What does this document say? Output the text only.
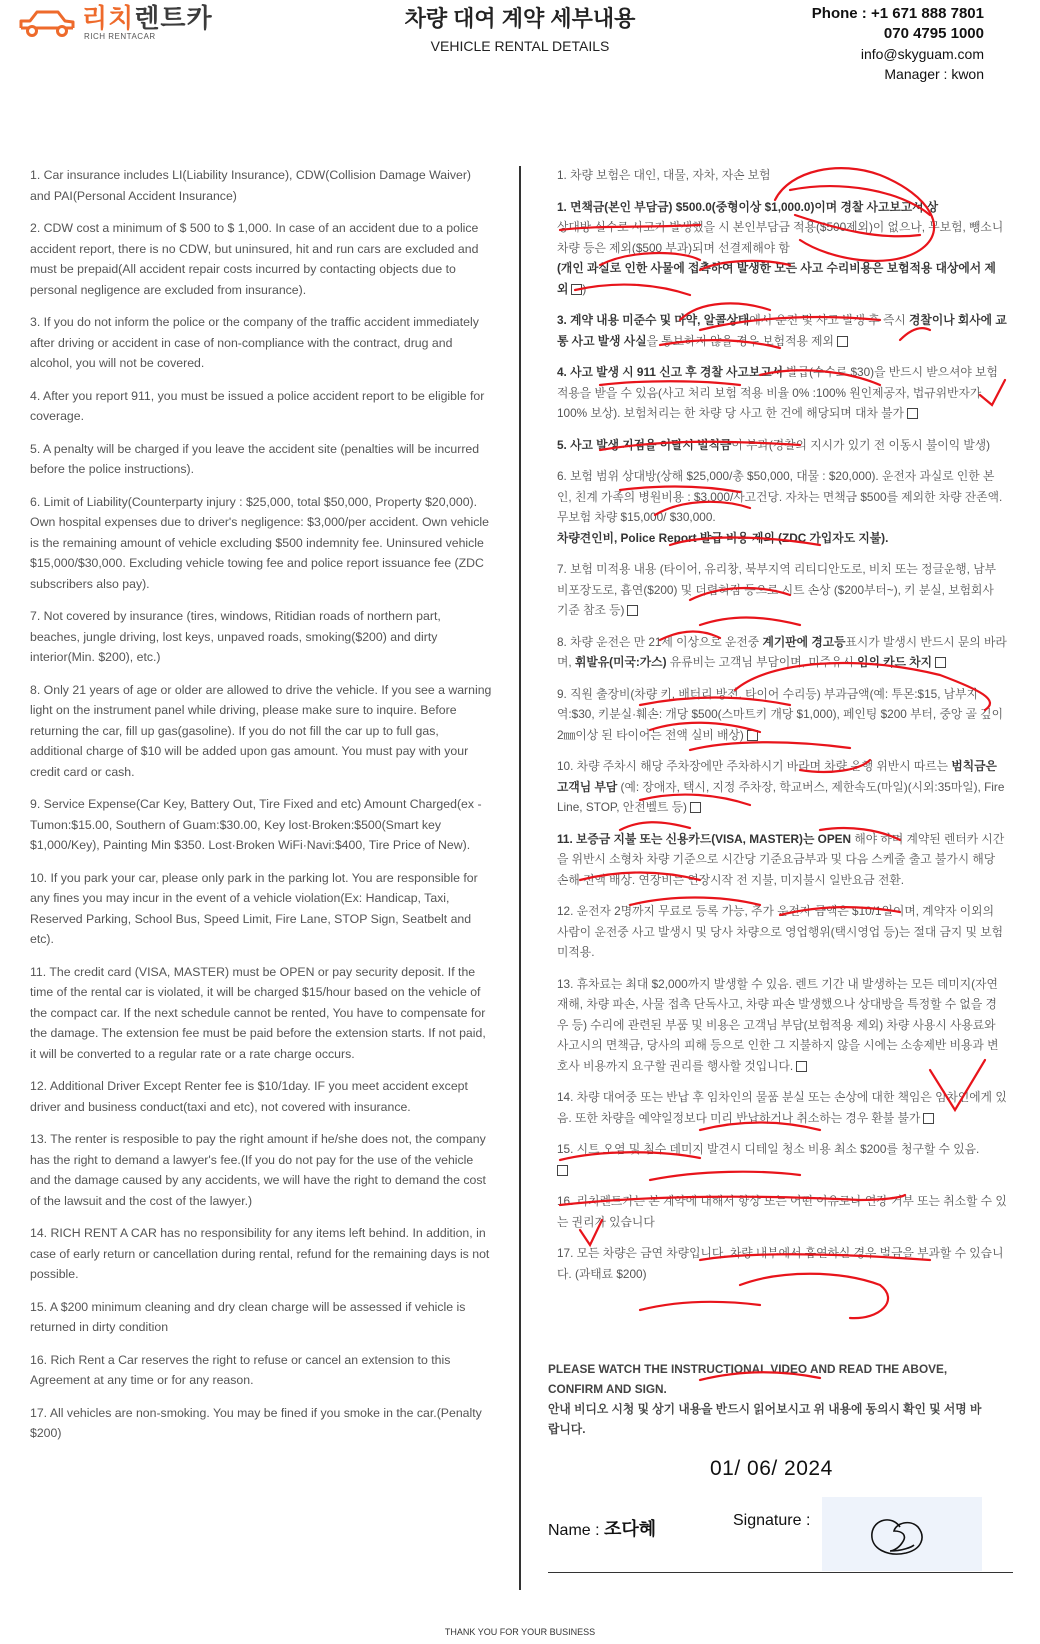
리치렌트카
RICH RENTACAR
차량 대여 계약 세부내용
VEHICLE RENTAL DETAILS
Phone : +1 671 888 7801
070 4795 1000
info@skyguam.com
Manager : kwon

1. Car insurance includes LI(Liability Insurance), CDW(Collision Damage Waiver) and PAI(Personal Accident Insurance)

2. CDW cost a minimum of $ 500 to $ 1,000. In case of an accident due to a police accident report, there is no CDW, but uninsured, hit and run cars are excluded and must be prepaid(All accident repair costs incurred by contacting objects due to personal negligence are excluded from insurance).

3. If you do not inform the police or the company of the traffic accident immediately after driving or accident in case of non-compliance with the contract, drug and alcohol, you will not be covered.

4. After you report 911, you must be issued a police accident report to be eligible for coverage.

5. A penalty will be charged if you leave the accident site (penalties will be incurred before the police instructions).

6. Limit of Liability(Counterparty injury : $25,000, total $50,000, Property $20,000). Own hospital expenses due to driver's negligence: $3,000/per accident. Own vehicle is the remaining amount of vehicle excluding $500 indemnity fee. Uninsured vehicle $15,000/$30,000. Excluding vehicle towing fee and police report issuance fee (ZDC subscribers also pay).

7. Not covered by insurance (tires, windows, Ritidian roads of northern part, beaches, jungle driving, lost keys, unpaved roads, smoking($200) and dirty interior(Min. $200), etc.)

8. Only 21 years of age or older are allowed to drive the vehicle. If you see a warning light on the instrument panel while driving, please make sure to inquire. Before returning the car, fill up gas(gasoline). If you do not fill the car up to full gas, additional charge of $10 will be added upon gas amount. You must pay with your credit card or cash.

9. Service Expense(Car Key, Battery Out, Tire Fixed and etc) Amount Charged(ex - Tumon:$15.00, Southern of Guam:$30.00, Key lost·Broken:$500(Smart key $1,000/Key), Painting Min $350. Lost·Broken WiFi·Navi:$400, Tire Price of New).

10. If you park your car, please only park in the parking lot. You are responsible for any fines you may incur in the event of a vehicle violation(Ex: Handicap, Taxi, Reserved Parking, School Bus, Speed Limit, Fire Lane, STOP Sign, Seatbelt and etc).

11. The credit card (VISA, MASTER) must be OPEN or pay security deposit. If the time of the rental car is violated, it will be charged $15/hour based on the vehicle of the compact car. If the next schedule cannot be rented, You have to compensate for the damage. The extension fee must be paid before the extension starts. If not paid, it will be converted to a regular rate or a rate charge occurs.

12. Additional Driver Except Renter fee is $10/1day. IF you meet accident except driver and business conduct(taxi and etc), not covered with insurance.

13. The renter is resposible to pay the right amount if he/she does not, the company has the right to demand a lawyer's fee.(If you do not pay for the use of the vehicle and the damage caused by any accidents, we will have the right to demand the cost of the lawsuit and the cost of the lawyer.)

14. RICH RENT A CAR has no responsibility for any items left behind. In addition, in case of early return or cancellation during rental, refund for the remaining days is not possible.

15. A $200 minimum cleaning and dry clean charge will be assessed if vehicle is returned in dirty condition

16. Rich Rent a Car reserves the right to refuse or cancel an extension to this Agreement at any time or for any reason.

17. All vehicles are non-smoking. You may be fined if you smoke in the car.(Penalty $200)

1. 차량 보험은 대인, 대물, 자차, 자손 보험

1. 면책금(본인 부담금) $500.0(중형이상 $1,000.0)이며 경찰 사고보고서 상
상대방 실수로 사고가 발생했을 시 본인부담금 적용($500제외)이 없으나, 무보험, 뺑소니 차량 등은 제외($500 부과)되며 선결제해야 함
(개인 과실로 인한 사물에 접촉하여 발생한 모든 사고 수리비용은 보험적용 대상에서 제외 )

3. 계약 내용 미준수 및 마약, 알콜상태에서 운전 및 사고 발생 후 즉시 경찰이나 회사에 교통 사고 발생 사실을 통보하지 않을 경우 보험적용 제외

4. 사고 발생 시 911 신고 후 경찰 사고보고서 발급(수수료 $30)을 반드시 받으셔야 보험 적용을 받을 수 있음(사고 처리 보험 적용 비율 0% :100% 원인제공자, 법규위반자가 100% 보상). 보험처리는 한 차량 당 사고 한 건에 해당되며 대차 불가

5. 사고 발생 지점을 이탈시 벌칙금이 부과(경찰의 지시가 있기 전 이동시 불이익 발생)

6. 보험 범위 상대방(상해 $25,000/총 $50,000, 대물 : $20,000). 운전자 과실로 인한 본인, 친계 가족의 병원비용 : $3,000/사고건당. 자차는 면책금 $500를 제외한 차량 잔존액. 무보험 차량 $15,000/ $30,000.
차량견인비, Police Report 발급 비용 제외 (ZDC 가입자도 지불).

7. 보험 미적용 내용 (타이어, 유리창, 북부지역 리티디안도로, 비치 또는 정글운행, 남부 비포장도로, 흡연($200) 및 더렵혀짐 등으로 시트 손상 ($200부터~), 키 분실, 보험회사 기준 참조 등)

8. 차량 운전은 만 21세 이상으로 운전중 계기판에 경고등표시가 발생시 반드시 문의 바라며, 휘발유(미국:가스) 유류비는 고객님 부담이며, 미주유시 임의 카드 차지

9. 직원 출장비(차량 키, 배터리 방전, 타이어 수리등) 부과금액(예: 투몬:$15, 남부지역:$30, 키분실·훼손: 개당 $500(스마트키 개당 $1,000), 페인팅 $200 부터, 중앙 골 깊이 2㎜이상 된 타이어는 전액 실비 배상)

10. 차량 주차시 해당 주차장에만 주차하시기 바라며 차량 운행 위반시 따르는 범칙금은 고객님 부담 (예: 장애자, 택시, 지정 주차장, 학교버스, 제한속도(마일)(시외:35마일), Fire Line, STOP, 안전벨트 등)

11. 보증금 지불 또는 신용카드(VISA, MASTER)는 OPEN 해야 하며 계약된 렌터카 시간을 위반시 소형차 차량 기준으로 시간당 기준요금부과 및 다음 스케줄 출고 불가시 해당 손해 전액 배상. 연장비는 연장시작 전 지불, 미지불시 일반요금 전환.

12. 운전자 2명까지 무료로 등록 가능, 추가 운전자 금액은 $10/1일이며, 계약자 이외의 사람이 운전중 사고 발생시 및 당사 차량으로 영업행위(택시영업 등)는 절대 금지 및 보험 미적용.

13. 휴차료는 최대 $2,000까지 발생할 수 있음. 렌트 기간 내 발생하는 모든 데미지(자연재해, 차량 파손, 사물 접촉 단독사고, 차량 파손 발생했으나 상대방을 특정할 수 없을 경우 등) 수리에 관련된 부품 및 비용은 고객님 부담(보험적용 제외) 차량 사용시 사용료와 사고시의 면책금, 당사의 피해 등으로 인한 그 지불하지 않을 시에는 소송제반 비용과 변호사 비용까지 요구할 권리를 행사할 것입니다.

14. 차량 대여중 또는 반납 후 임차인의 물품 분실 또는 손상에 대한 책임은 임차인에게 있음. 또한 차량을 예약일정보다 미리 반납하거나 취소하는 경우 환불 불가

15. 시트 오염 및 침수 데미지 발견시 디테일 청소 비용 최소 $200를 청구할 수 있음.

16. 리치렌트카는 본 계약에 대해서 항상 또는 어떤 이유로나 연장 거부 또는 취소할 수 있는 권리가 있습니다

17. 모든 차량은 금연 차량입니다. 차량 내부에서 흡연하실 경우 벌금을 부과할 수 있습니다. (과태료 $200)

PLEASE WATCH THE INSTRUCTIONAL VIDEO AND READ THE ABOVE, CONFIRM AND SIGN.
안내 비디오 시청 및 상기 내용을 반드시 읽어보시고 위 내용에 동의시 확인 및 서명 바랍니다.
01/ 06/ 2024
Name : 조다혜	Signature :
THANK YOU FOR YOUR BUSINESS
